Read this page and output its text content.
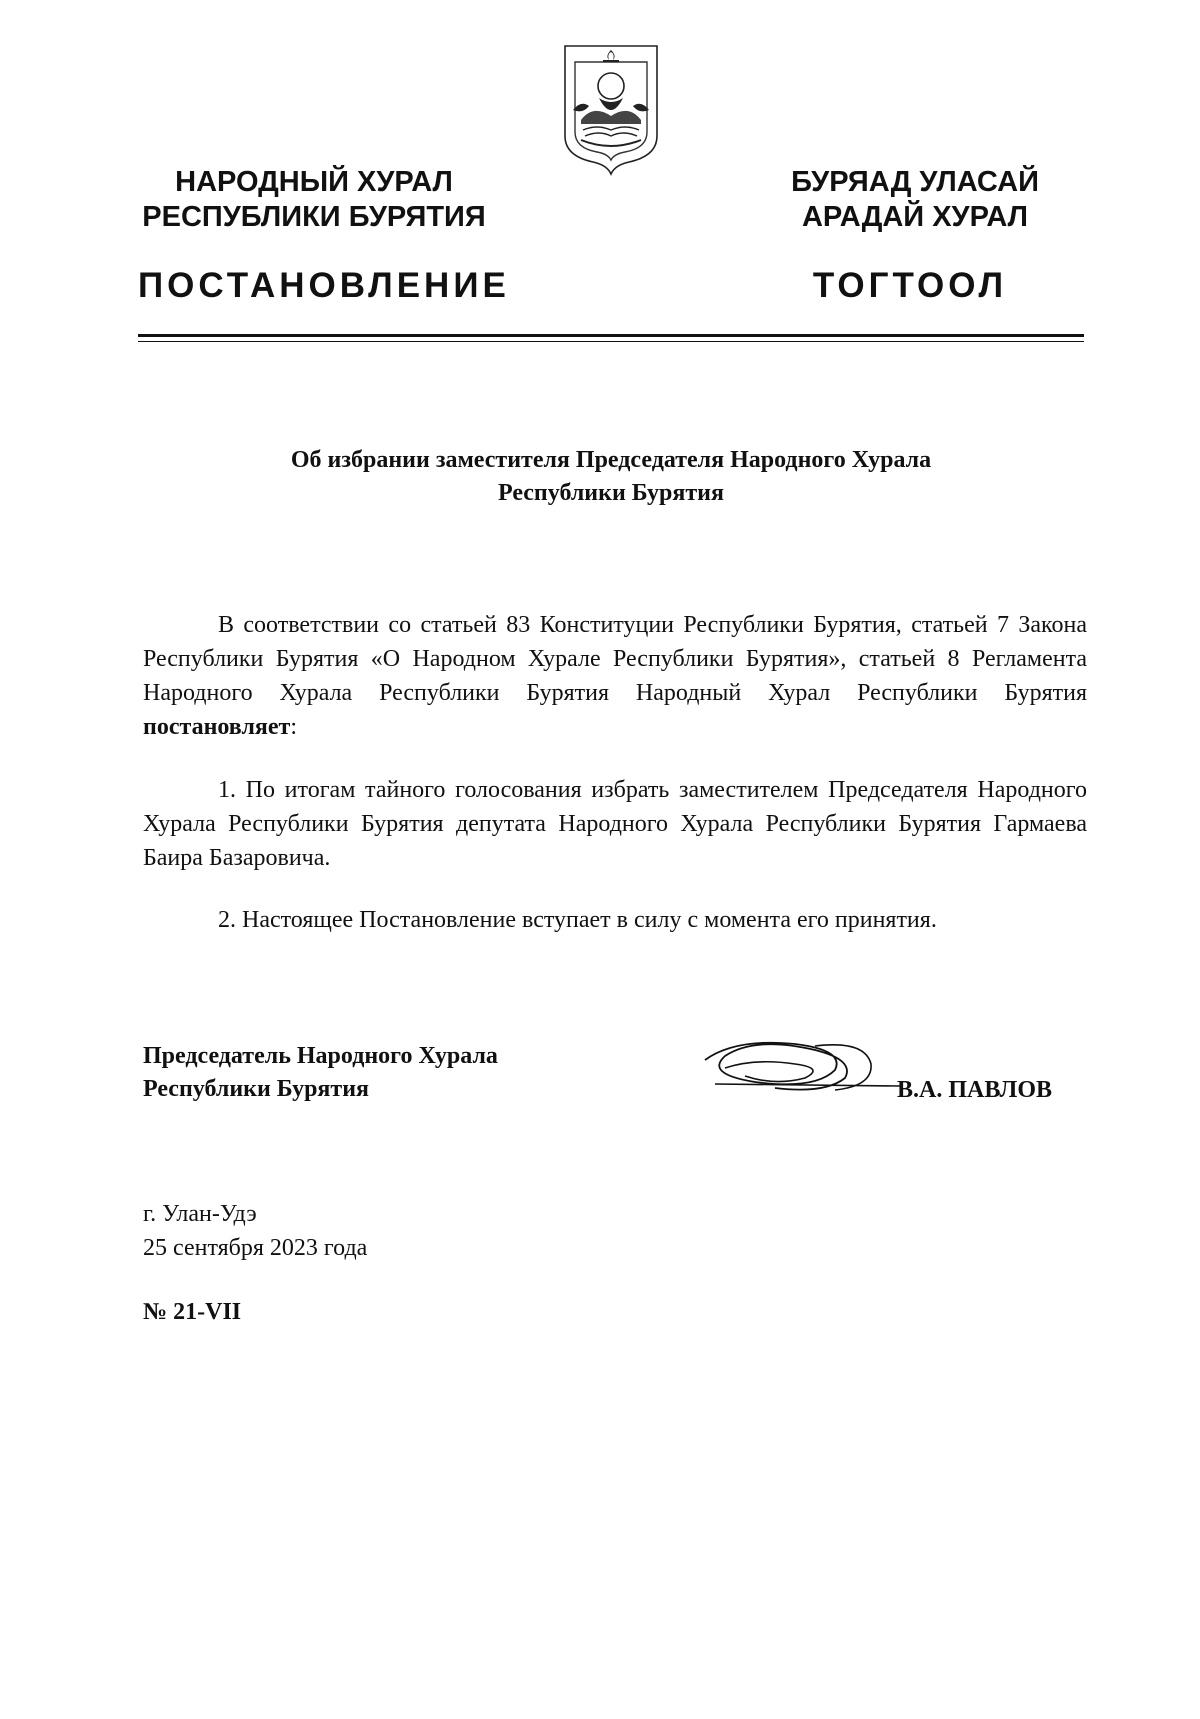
НАРОДНЫЙ ХУРАЛ
РЕСПУБЛИКИ БУРЯТИЯ
БУРЯАД УЛАСАЙ
АРАДАЙ ХУРАЛ
ПОСТАНОВЛЕНИЕ	ТОГТООЛ
Об избрании заместителя Председателя Народного Хурала
Республики Бурятия

В соответствии со статьей 83 Конституции Республики Бурятия, статьей 7 Закона Республики Бурятия «О Народном Хурале Республики Бурятия», статьей 8 Регламента Народного Хурала Республики Бурятия Народный Хурал Республики Бурятия постановляет:

1. По итогам тайного голосования избрать заместителем Председателя Народного Хурала Республики Бурятия депутата Народного Хурала Республики Бурятия Гармаева Баира Базаровича.

2. Настоящее Постановление вступает в силу с момента его принятия.

Председатель Народного Хурала
Республики Бурятия	В.А. ПАВЛОВ
г. Улан-Удэ
25 сентября 2023 года
№ 21-VII
